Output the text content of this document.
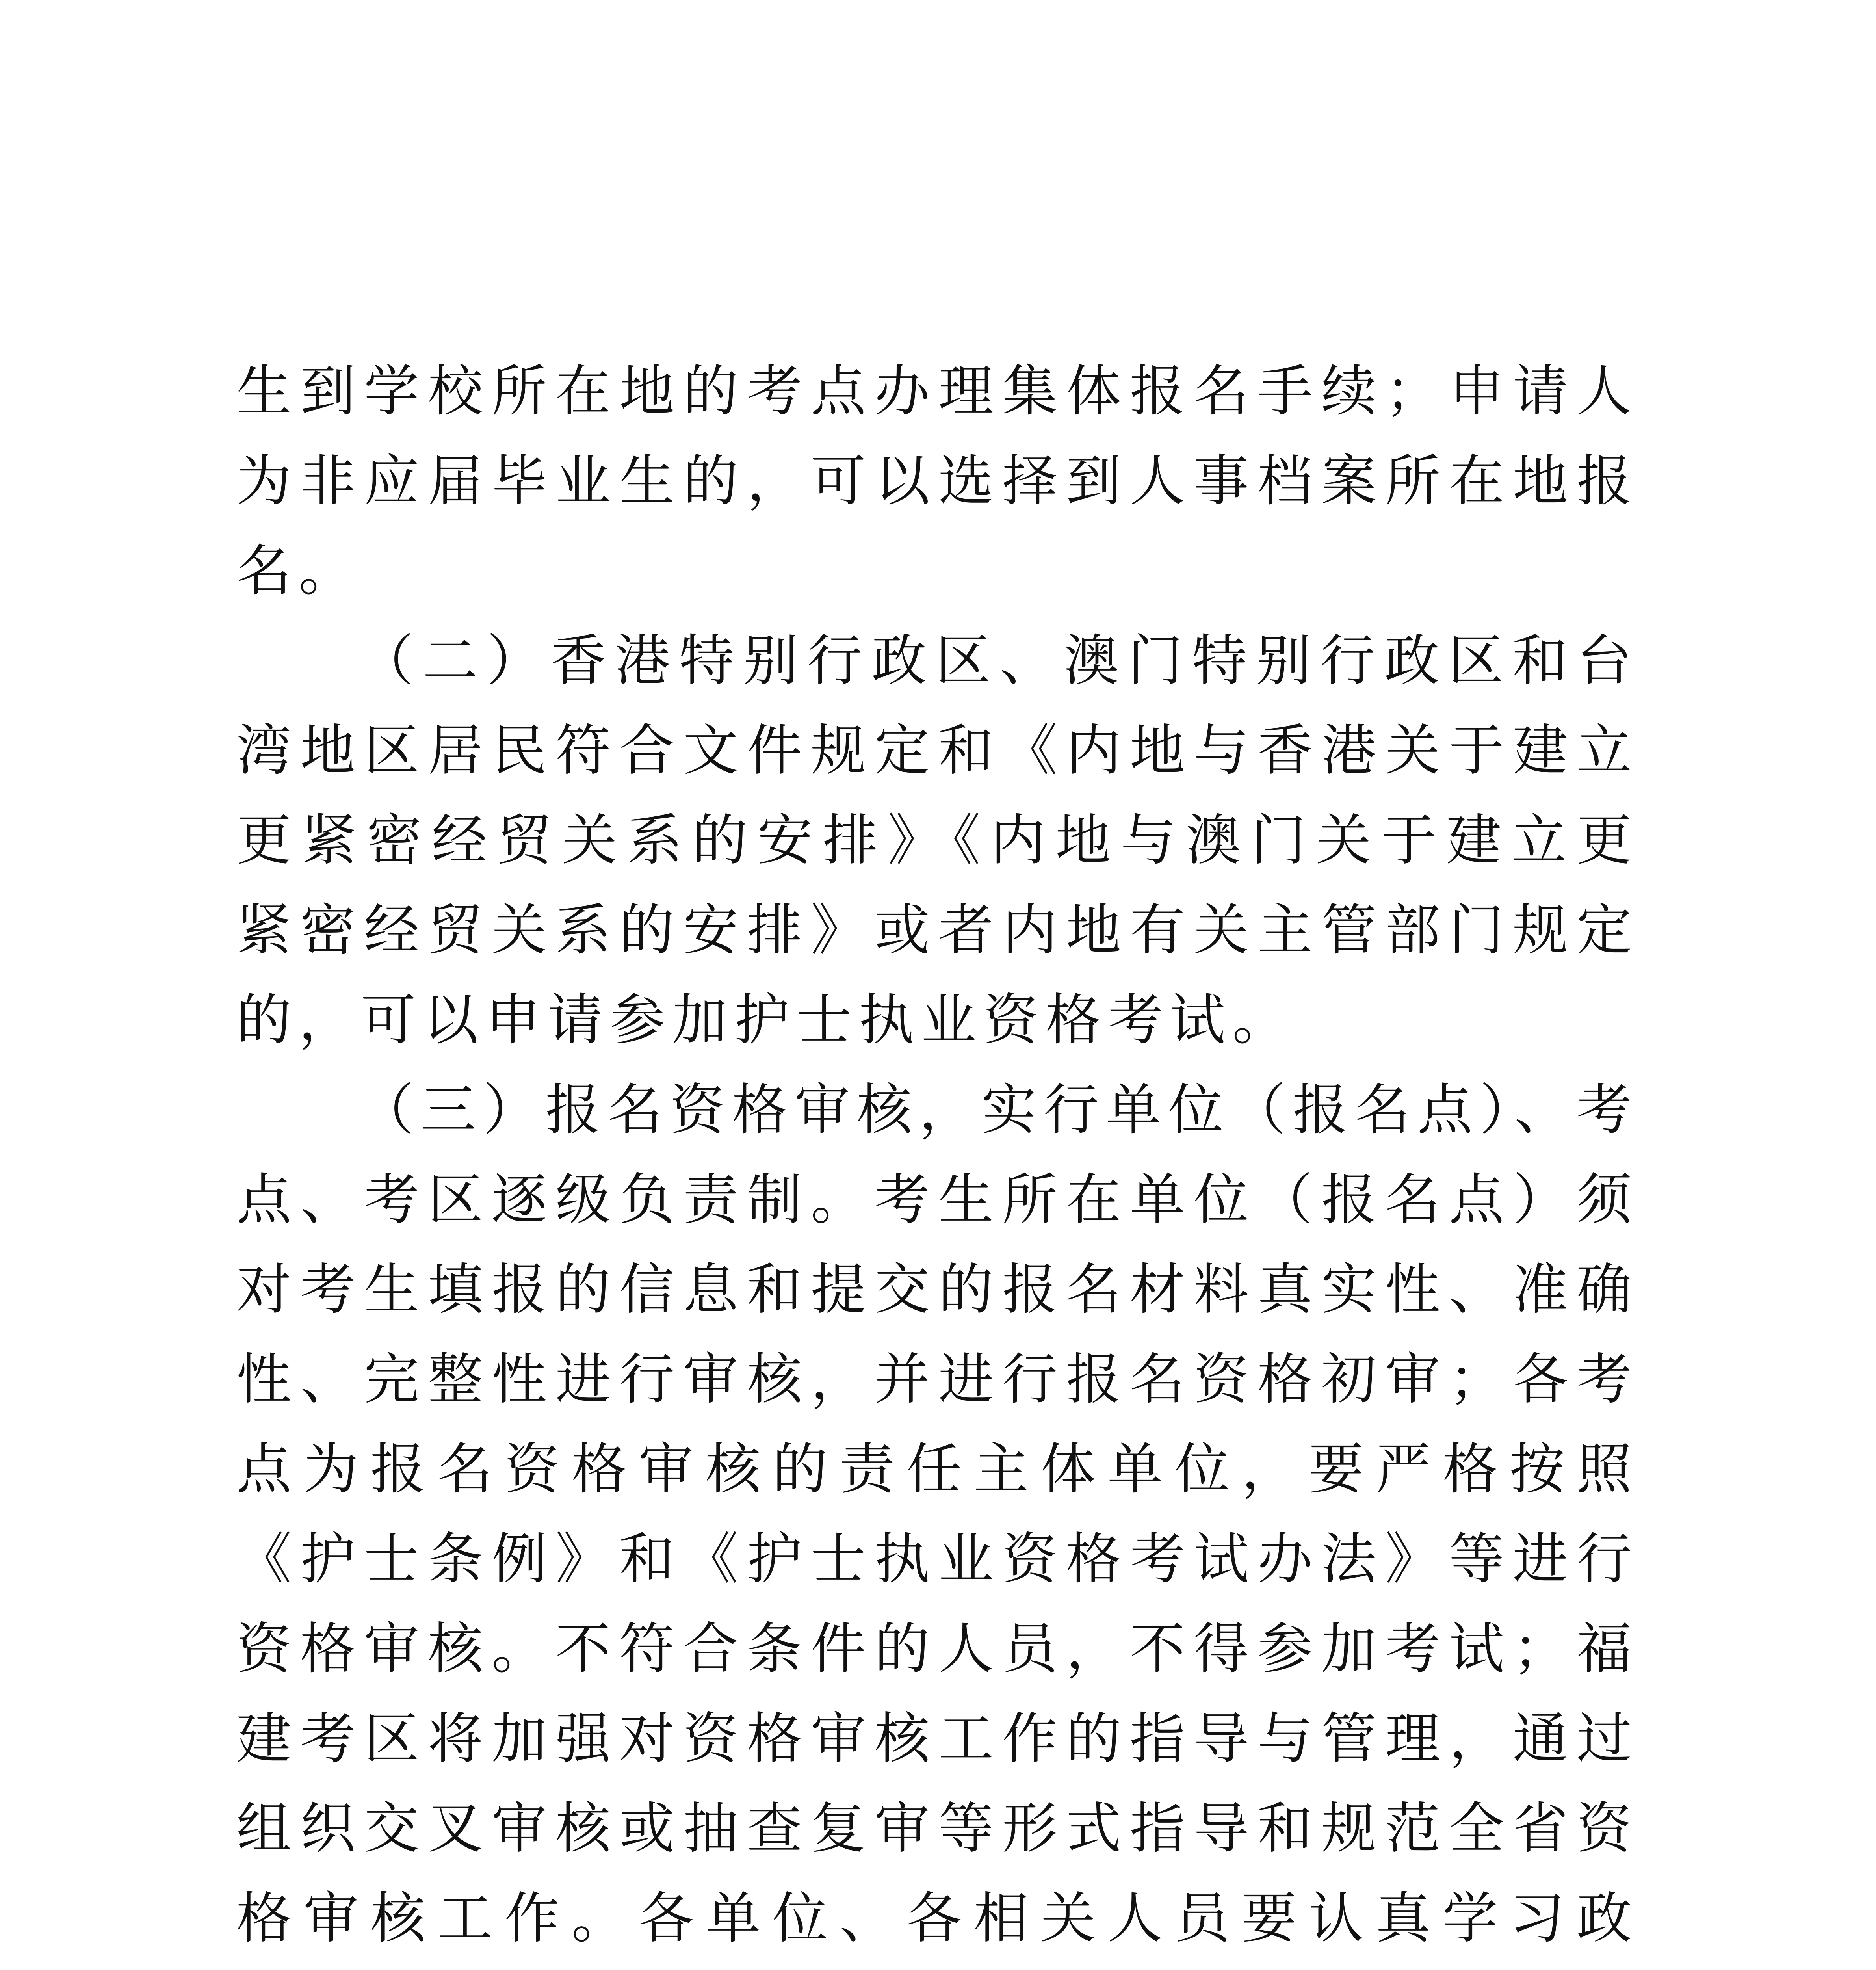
生到学校所在地的考点办理集体报名手续；申请人为非应届毕业生的，可以选择到人事档案所在地报名。

（二）香港特别行政区、澳门特别行政区和台湾地区居民符合文件规定和《内地与香港关于建立更紧密经贸关系的安排》《内地与澳门关于建立更紧密经贸关系的安排》或者内地有关主管部门规定的，可以申请参加护士执业资格考试。

（三）报名资格审核，实行单位（报名点）、考点、考区逐级负责制。考生所在单位（报名点）须对考生填报的信息和提交的报名材料真实性、准确性、完整性进行审核，并进行报名资格初审；各考点为报名资格审核的责任主体单位，要严格按照《护士条例》和《护士执业资格考试办法》等进行资格审核。不符合条件的人员，不得参加考试；福建考区将加强对资格审核工作的指导与管理，通过组织交叉审核或抽查复审等形式指导和规范全省资格审核工作。各单位、各相关人员要认真学习政
